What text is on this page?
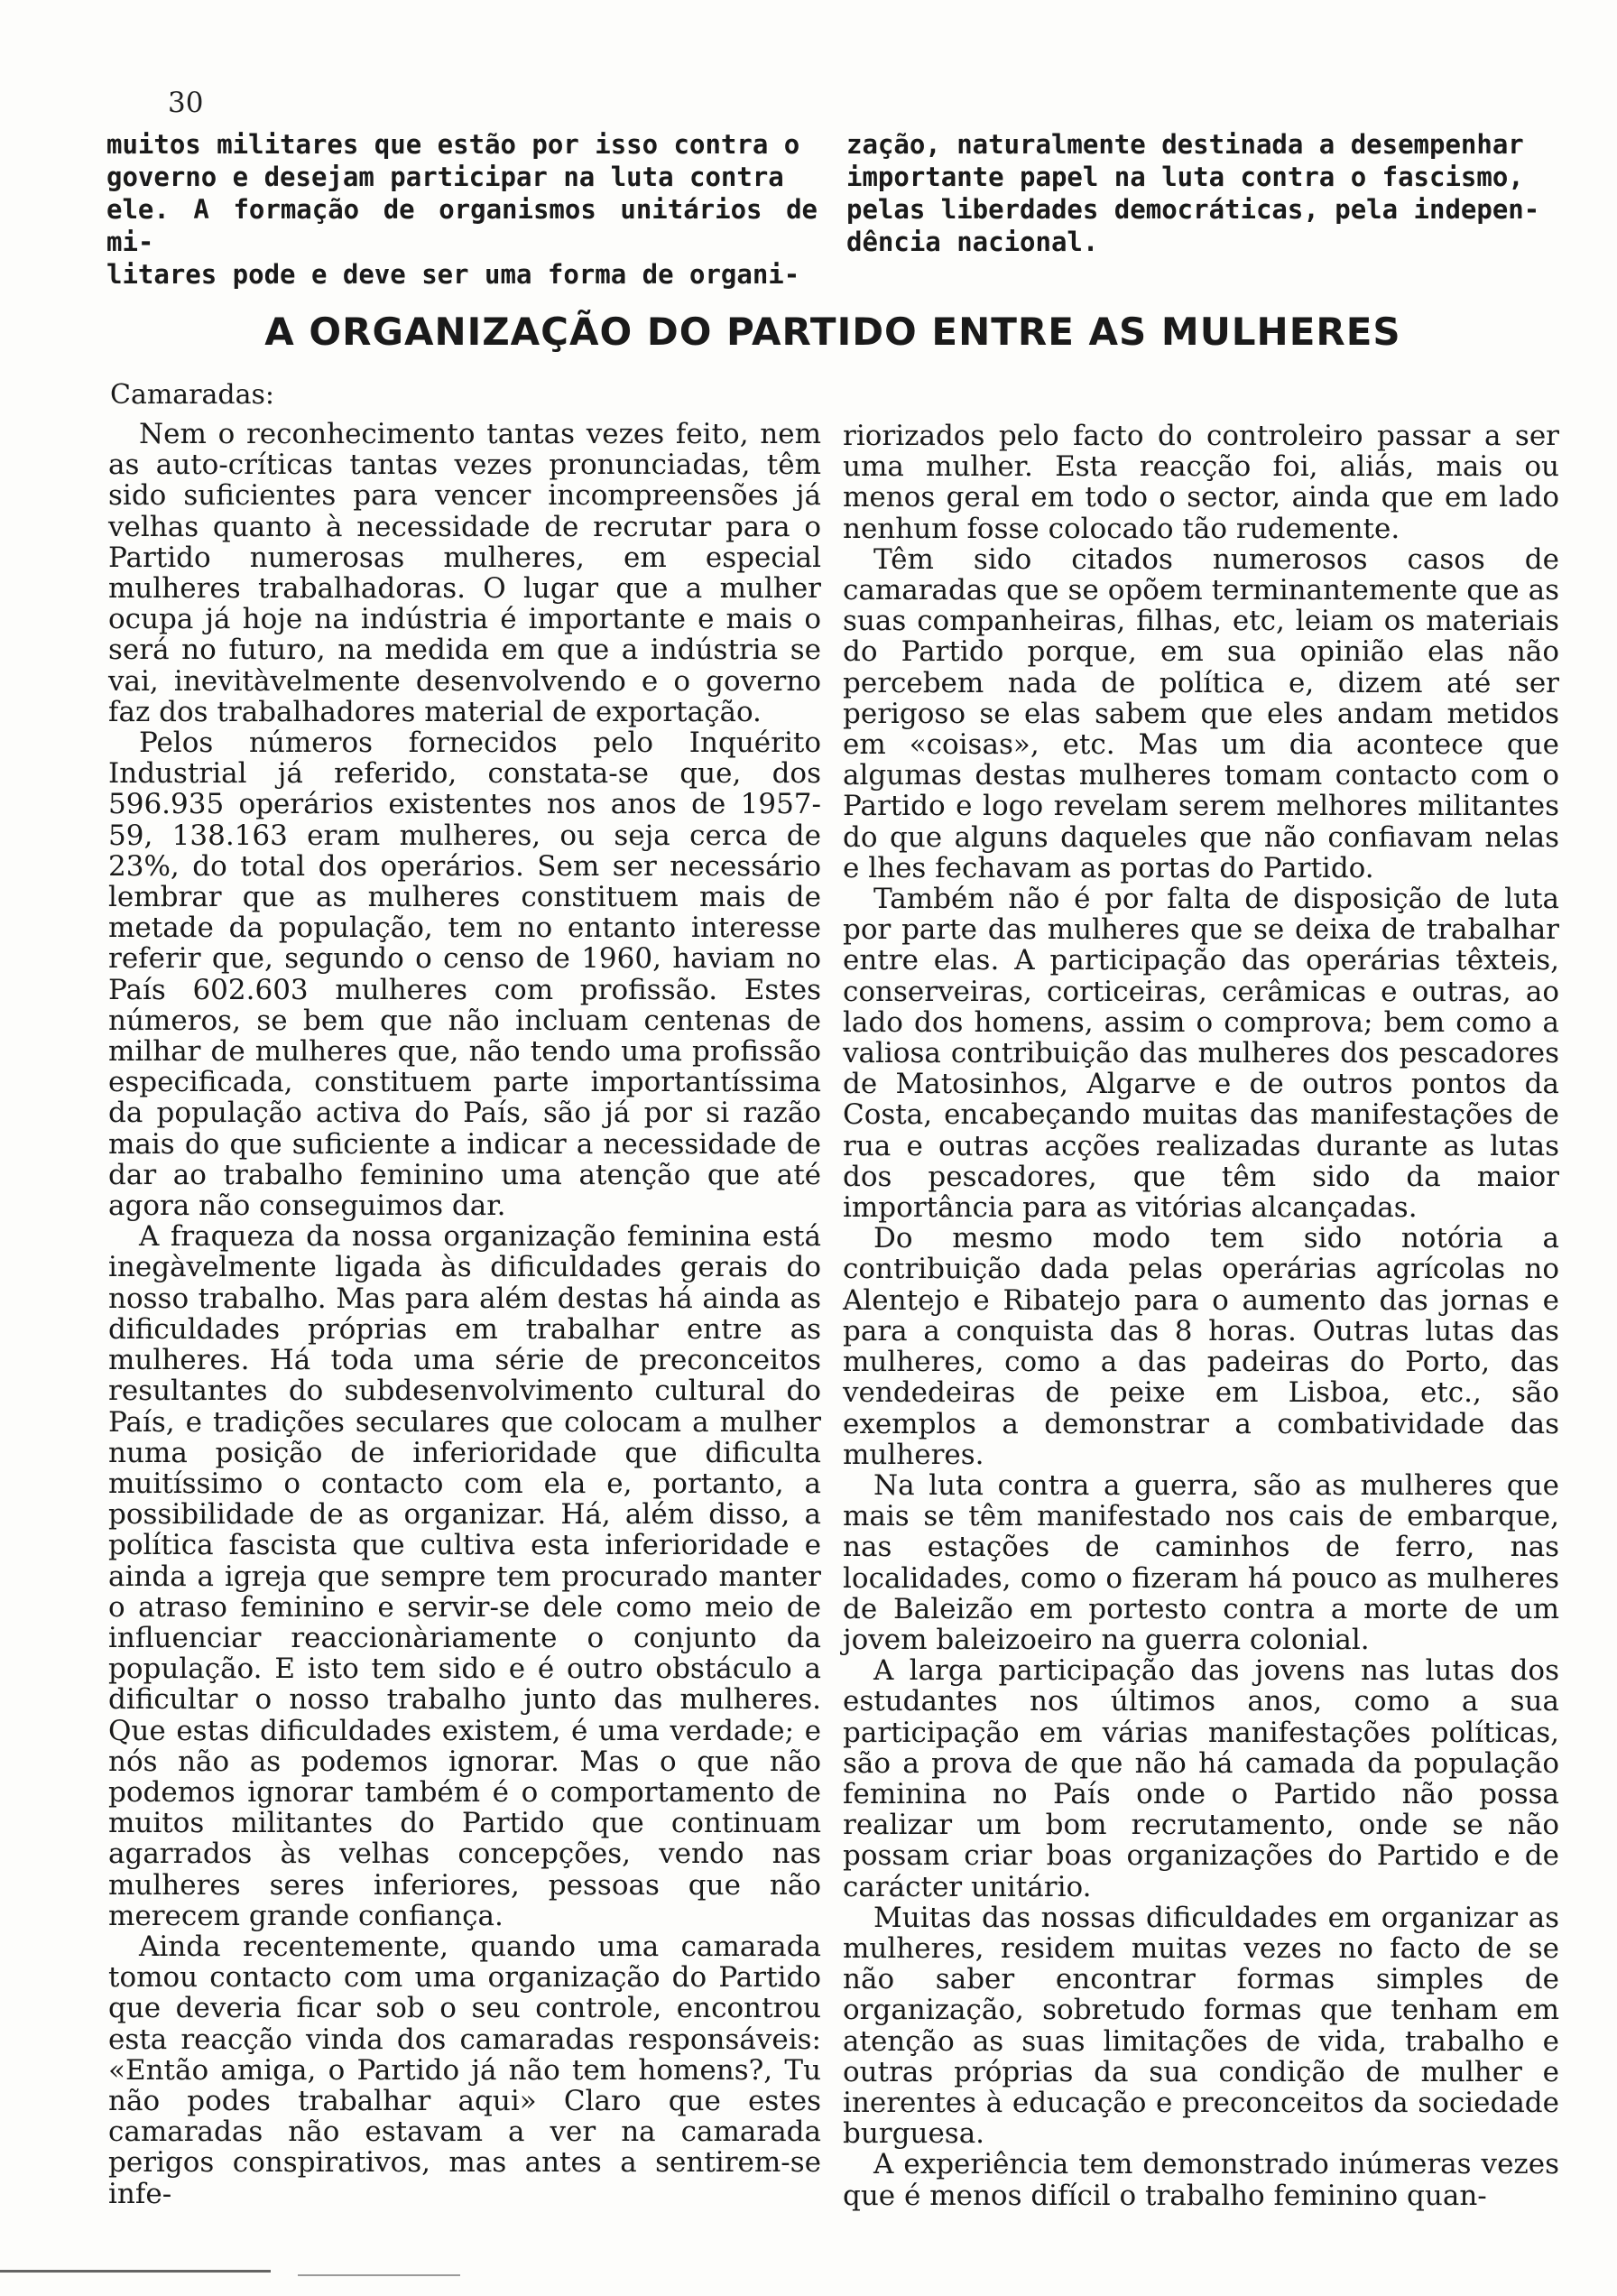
30
muitos militares que estão por isso contra o
governo e desejam participar na luta contra
ele. A formação de organismos unitários de mi-
litares pode e deve ser uma forma de organi-
zação, naturalmente destinada a desempenhar
importante papel na luta contra o fascismo,
pelas liberdades democráticas, pela indepen-
dência nacional.
A ORGANIZAÇÃO DO PARTIDO ENTRE AS MULHERES
Camaradas:

Nem o reconhecimento tantas vezes feito, nem as auto-críticas tantas vezes pronunciadas, têm sido suficientes para vencer incompreensões já velhas quanto à necessidade de recrutar para o Partido numerosas mulheres, em especial mulheres trabalhadoras. O lugar que a mulher ocupa já hoje na indústria é importante e mais o será no futuro, na medida em que a indústria se vai, inevitàvelmente desenvolvendo e o governo faz dos trabalhadores material de exportação.

Pelos números fornecidos pelo Inquérito Industrial já referido, constata-se que, dos 596.935 operários existentes nos anos de 1957-59, 138.163 eram mulheres, ou seja cerca de 23%, do total dos operários. Sem ser necessário lembrar que as mulheres constituem mais de metade da população, tem no entanto interesse referir que, segundo o censo de 1960, haviam no País 602.603 mulheres com profissão. Estes números, se bem que não incluam centenas de milhar de mulheres que, não tendo uma profissão especificada, constituem parte importantíssima da população activa do País, são já por si razão mais do que suficiente a indicar a necessidade de dar ao trabalho feminino uma atenção que até agora não conseguimos dar.

A fraqueza da nossa organização feminina está inegàvelmente ligada às dificuldades gerais do nosso trabalho. Mas para além destas há ainda as dificuldades próprias em trabalhar entre as mulheres. Há toda uma série de preconceitos resultantes do subdesenvolvimento cultural do País, e tradições seculares que colocam a mulher numa posição de inferioridade que dificulta muitíssimo o contacto com ela e, portanto, a possibilidade de as organizar. Há, além disso, a política fascista que cultiva esta inferioridade e ainda a igreja que sempre tem procurado manter o atraso feminino e servir-se dele como meio de influenciar reaccionàriamente o conjunto da população. E isto tem sido e é outro obstáculo a dificultar o nosso trabalho junto das mulheres. Que estas dificuldades existem, é uma verdade; e nós não as podemos ignorar. Mas o que não podemos ignorar também é o comportamento de muitos militantes do Partido que continuam agarrados às velhas concepções, vendo nas mulheres seres inferiores, pessoas que não merecem grande confiança.

Ainda recentemente, quando uma camarada tomou contacto com uma organização do Partido que deveria ficar sob o seu controle, encontrou esta reacção vinda dos camaradas responsáveis: «Então amiga, o Partido já não tem homens?, Tu não podes trabalhar aqui» Claro que estes camaradas não estavam a ver na camarada perigos conspirativos, mas antes a sentirem-se infe-

riorizados pelo facto do controleiro passar a ser uma mulher. Esta reacção foi, aliás, mais ou menos geral em todo o sector, ainda que em lado nenhum fosse colocado tão rudemente.

Têm sido citados numerosos casos de camaradas que se opõem terminantemente que as suas companheiras, filhas, etc, leiam os materiais do Partido porque, em sua opinião elas não percebem nada de política e, dizem até ser perigoso se elas sabem que eles andam metidos em «coisas», etc. Mas um dia acontece que algumas destas mulheres tomam contacto com o Partido e logo revelam serem melhores militantes do que alguns daqueles que não confiavam nelas e lhes fechavam as portas do Partido.

Também não é por falta de disposição de luta por parte das mulheres que se deixa de trabalhar entre elas. A participação das operárias têxteis, conserveiras, corticeiras, cerâmicas e outras, ao lado dos homens, assim o comprova; bem como a valiosa contribuição das mulheres dos pescadores de Matosinhos, Algarve e de outros pontos da Costa, encabeçando muitas das manifestações de rua e outras acções realizadas durante as lutas dos pescadores, que têm sido da maior importância para as vitórias alcançadas.

Do mesmo modo tem sido notória a contribuição dada pelas operárias agrícolas no Alentejo e Ribatejo para o aumento das jornas e para a conquista das 8 horas. Outras lutas das mulheres, como a das padeiras do Porto, das vendedeiras de peixe em Lisboa, etc., são exemplos a demonstrar a combatividade das mulheres.

Na luta contra a guerra, são as mulheres que mais se têm manifestado nos cais de embarque, nas estações de caminhos de ferro, nas localidades, como o fizeram há pouco as mulheres de Baleizão em portesto contra a morte de um jovem baleizoeiro na guerra colonial.

A larga participação das jovens nas lutas dos estudantes nos últimos anos, como a sua participação em várias manifestações políticas, são a prova de que não há camada da população feminina no País onde o Partido não possa realizar um bom recrutamento, onde se não possam criar boas organizações do Partido e de carácter unitário.

Muitas das nossas dificuldades em organizar as mulheres, residem muitas vezes no facto de se não saber encontrar formas simples de organização, sobretudo formas que tenham em atenção as suas limitações de vida, trabalho e outras próprias da sua condição de mulher e inerentes à educação e preconceitos da sociedade burguesa.

A experiência tem demonstrado inúmeras vezes que é menos difícil o trabalho feminino quan-
